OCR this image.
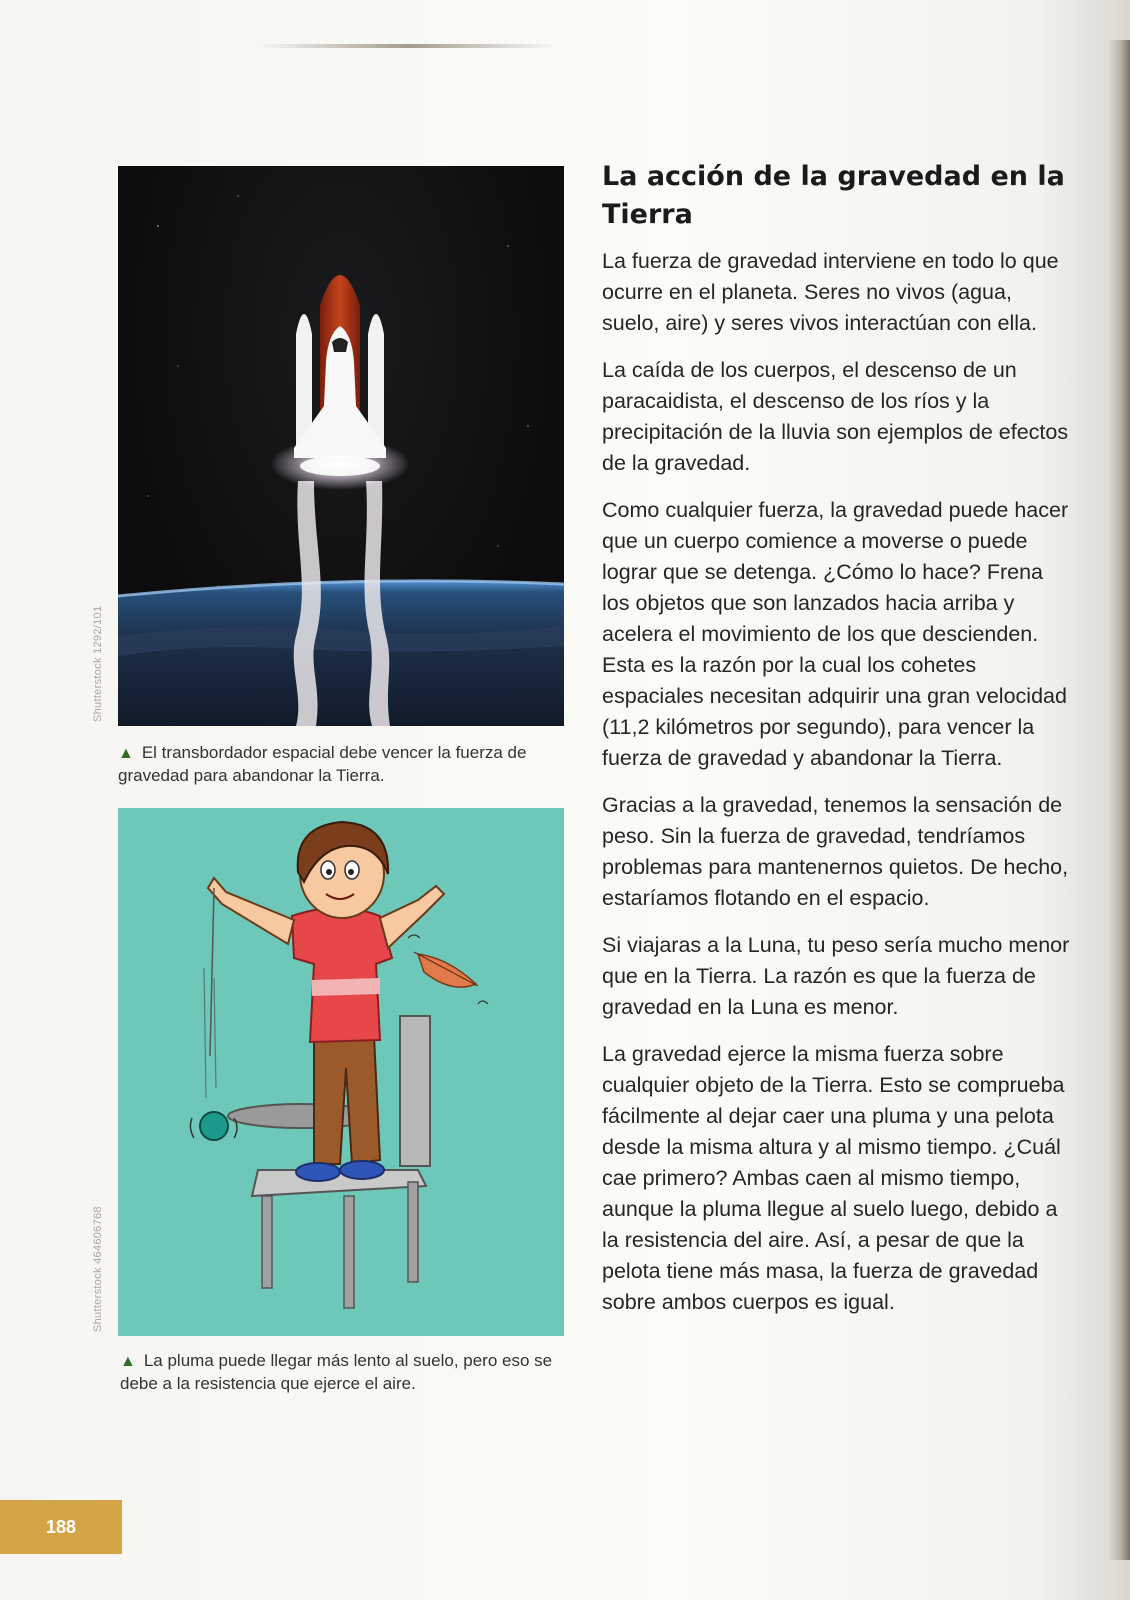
Shutterstock 1292/101
▲ El transbordador espacial debe vencer la fuerza de gravedad para abandonar la Tierra.
Shutterstock 464606768
▲ La pluma puede llegar más lento al suelo, pero eso se debe a la resistencia que ejerce el aire.
La acción de la gravedad en la Tierra

La fuerza de gravedad interviene en todo lo que ocurre en el planeta. Seres no vivos (agua, suelo, aire) y seres vivos interactúan con ella.

La caída de los cuerpos, el descenso de un paracaidista, el descenso de los ríos y la precipitación de la lluvia son ejemplos de efectos de la gravedad.

Como cualquier fuerza, la gravedad puede hacer que un cuerpo comience a moverse o puede lograr que se detenga. ¿Cómo lo hace? Frena los objetos que son lanzados hacia arriba y acelera el movimiento de los que descienden. Esta es la razón por la cual los cohetes espaciales necesitan adquirir una gran velocidad (11,2 kilómetros por segundo), para vencer la fuerza de gravedad y abandonar la Tierra.

Gracias a la gravedad, tenemos la sensación de peso. Sin la fuerza de gravedad, tendríamos problemas para mantenernos quietos. De hecho, estaríamos flotando en el espacio.

Si viajaras a la Luna, tu peso sería mucho menor que en la Tierra. La razón es que la fuerza de gravedad en la Luna es menor.

La gravedad ejerce la misma fuerza sobre cualquier objeto de la Tierra. Esto se comprueba fácilmente al dejar caer una pluma y una pelota desde la misma altura y al mismo tiempo. ¿Cuál cae primero? Ambas caen al mismo tiempo, aunque la pluma llegue al suelo luego, debido a la resistencia del aire. Así, a pesar de que la pelota tiene más masa, la fuerza de gravedad sobre ambos cuerpos es igual.

188
